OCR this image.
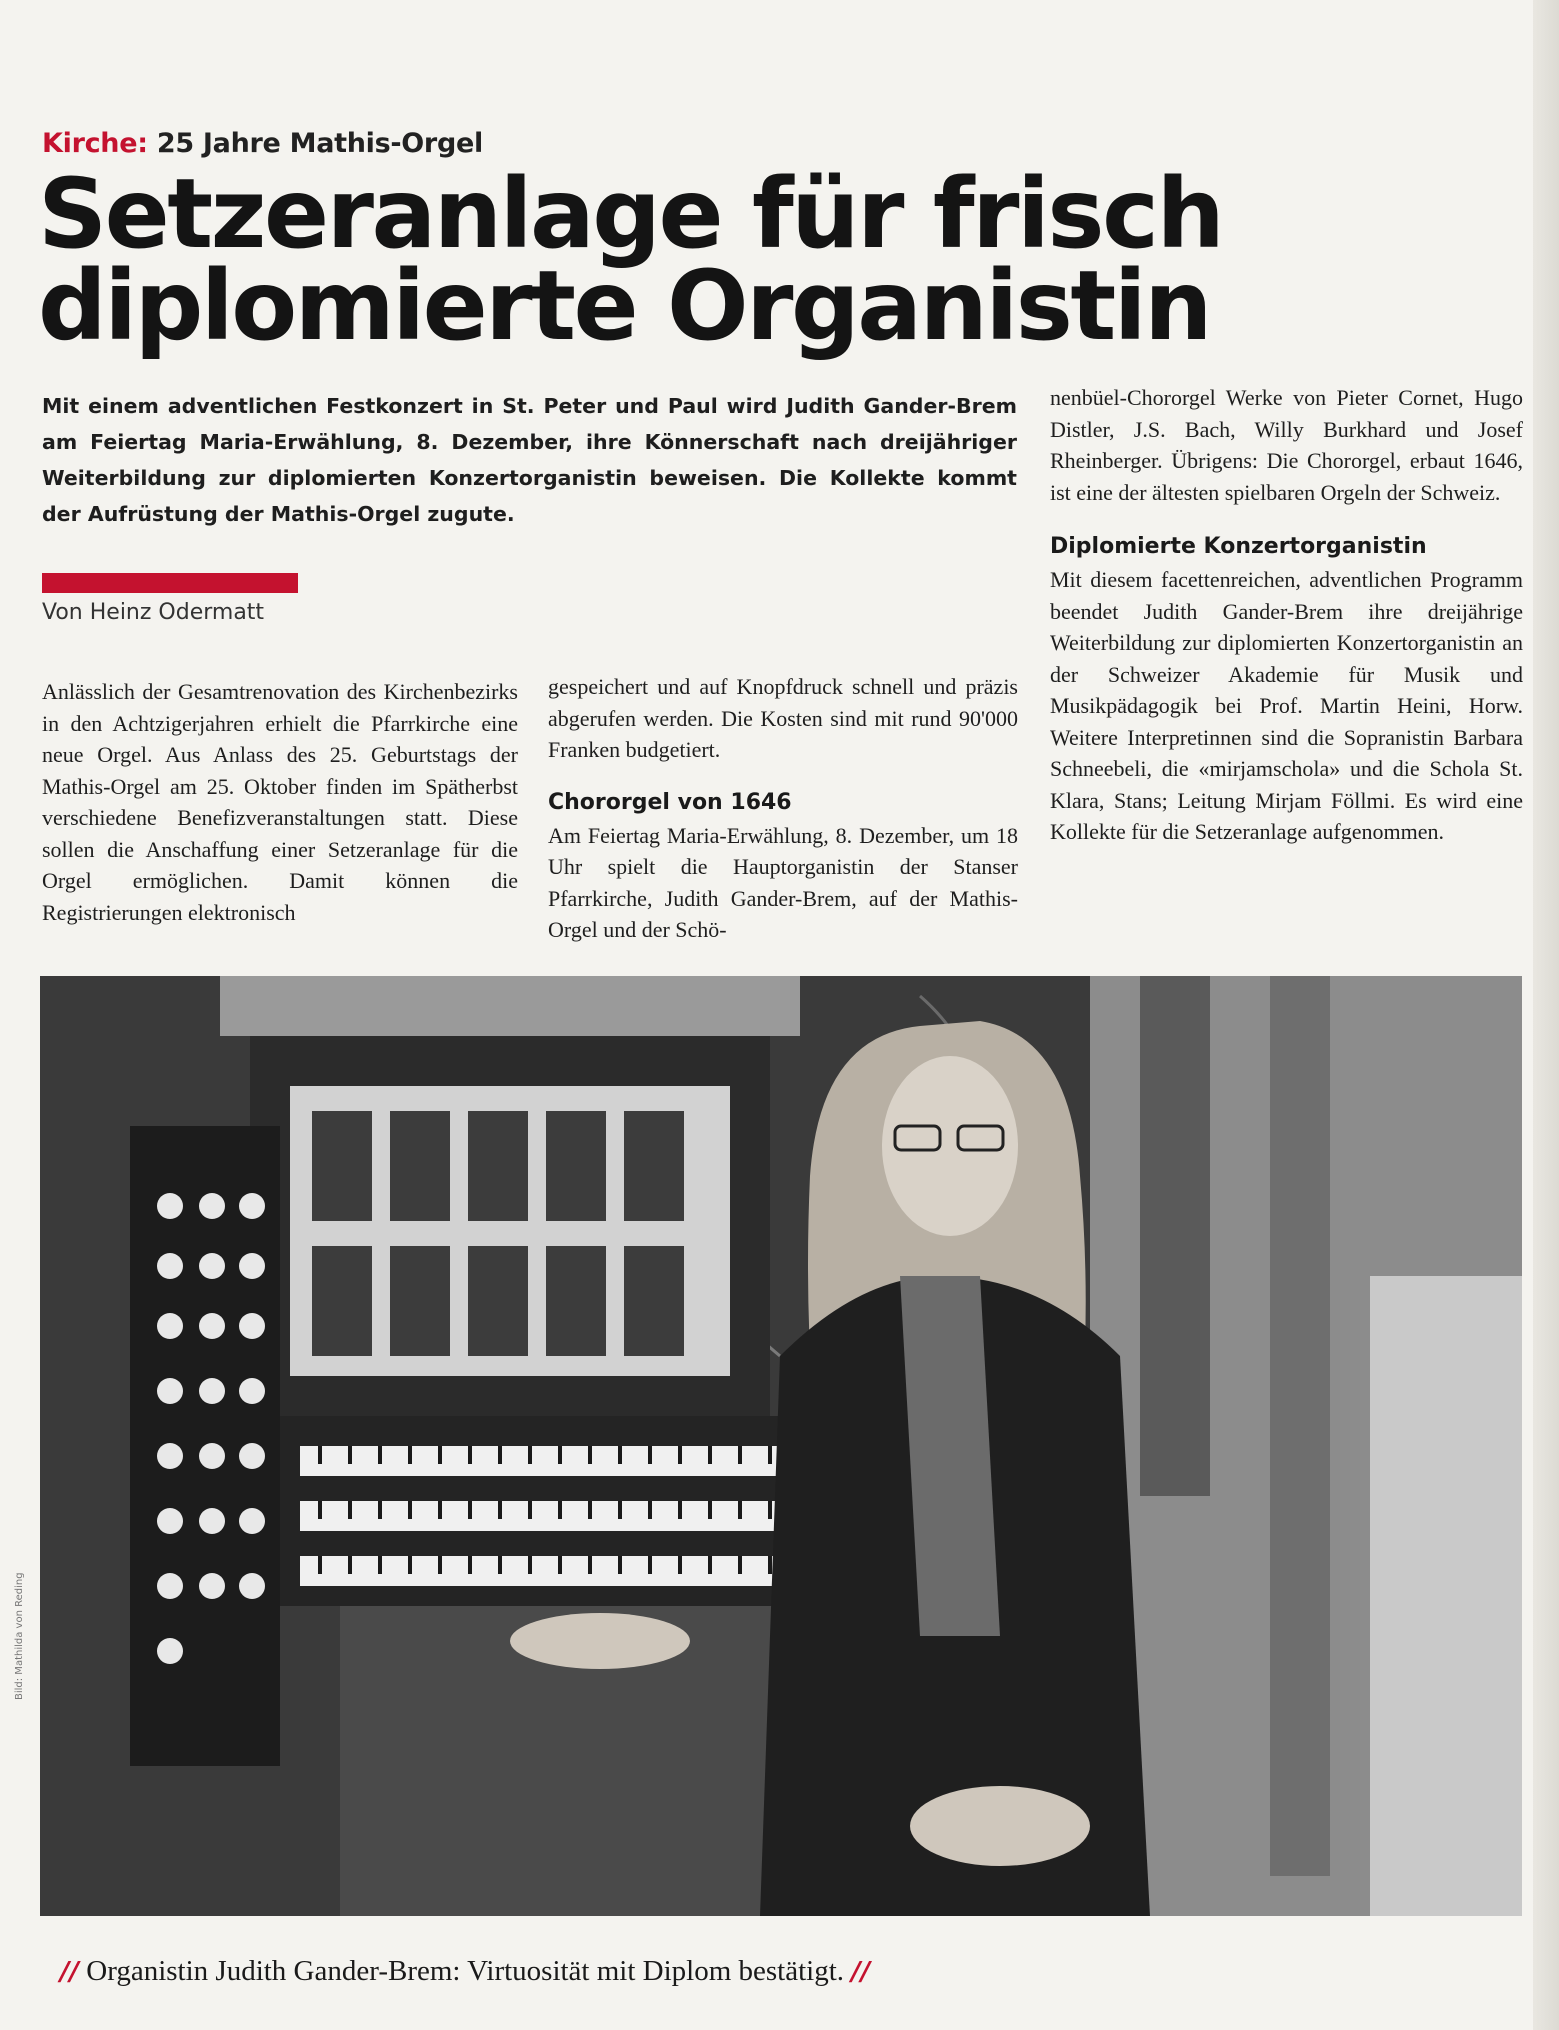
Kirche: 25 Jahre Mathis-Orgel
Setzeranlage für frisch
diplomierte Organistin

Mit einem adventlichen Festkonzert in St. Peter und Paul wird Judith Gander-Brem am Feiertag Maria-Erwählung, 8. Dezember, ihre Könnerschaft nach dreijähriger Weiterbildung zur diplomierten Konzertorganistin beweisen. Die Kollekte kommt der Aufrüstung der Mathis-Orgel zugute.

Von Heinz Odermatt

Anlässlich der Gesamtrenovation des Kirchenbezirks in den Achtzigerjahren erhielt die Pfarrkirche eine neue Orgel. Aus Anlass des 25. Geburtstags der Mathis-Orgel am 25. Oktober finden im Spätherbst verschiedene Benefizveranstaltungen statt. Diese sollen die Anschaffung einer Setzeranlage für die Orgel ermöglichen. Damit können die Registrierungen elektronisch

gespeichert und auf Knopfdruck schnell und präzis abgerufen werden. Die Kosten sind mit rund 90'000 Franken budgetiert.

Chororgel von 1646

Am Feiertag Maria-Erwählung, 8. Dezember, um 18 Uhr spielt die Hauptorganistin der Stanser Pfarrkirche, Judith Gander-Brem, auf der Mathis-Orgel und der Schö-

nenbüel-Chororgel Werke von Pieter Cornet, Hugo Distler, J.S. Bach, Willy Burkhard und Josef Rheinberger. Übrigens: Die Chororgel, erbaut 1646, ist eine der ältesten spielbaren Orgeln der Schweiz.

Diplomierte Konzertorganistin

Mit diesem facettenreichen, adventlichen Programm beendet Judith Gander-Brem ihre dreijährige Weiterbildung zur diplomierten Konzertorganistin an der Schweizer Akademie für Musik und Musikpädagogik bei Prof. Martin Heini, Horw. Weitere Interpretinnen sind die Sopranistin Barbara Schneebeli, die «mirjamschola» und die Schola St. Klara, Stans; Leitung Mirjam Föllmi. Es wird eine Kollekte für die Setzeranlage aufgenommen.

Bild: Mathilda von Reding
// Organistin Judith Gander-Brem: Virtuosität mit Diplom bestätigt. //
